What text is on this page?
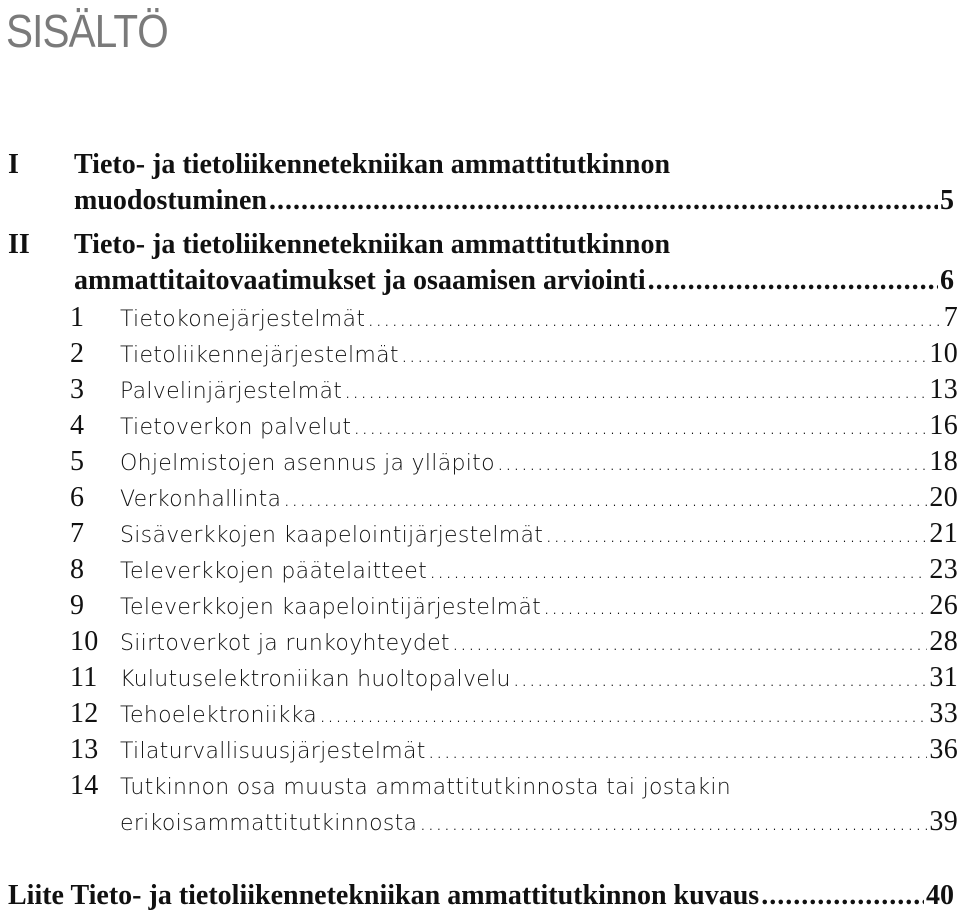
SISÄLTÖ
I Tieto- ja tietoliikennetekniikan ammattitutkinnon
muodostuminen .....	5
II Tieto- ja tietoliikennetekniikan ammattitutkinnon
ammattitaitovaatimukset ja osaamisen arviointi .....	6
1	Tietokonejärjestelmät .....	7
2	Tietoliikennejärjestelmät .....	10
3	Palvelinjärjestelmät .....	13
4	Tietoverkon palvelut .....	16
5	Ohjelmistojen asennus ja ylläpito .....	18
6	Verkonhallinta .....	20
7	Sisäverkkojen kaapelointijärjestelmät .....	21
8	Televerkkojen päätelaitteet .....	23
9	Televerkkojen kaapelointijärjestelmät .....	26
10 Siirtoverkot ja runkoyhteydet .....	28
11	Kulutuselektroniikan huoltopalvelu .....	31
12 Tehoelektroniikka .....	33
13 Tilaturvallisuusjärjestelmät .....	36
14 Tutkinnon osa muusta ammattitutkinnosta tai jostakin
erikoisammattitutkinnosta .....	39
Liite Tieto- ja tietoliikennetekniikan ammattitutkinnon kuvaus .....	40
